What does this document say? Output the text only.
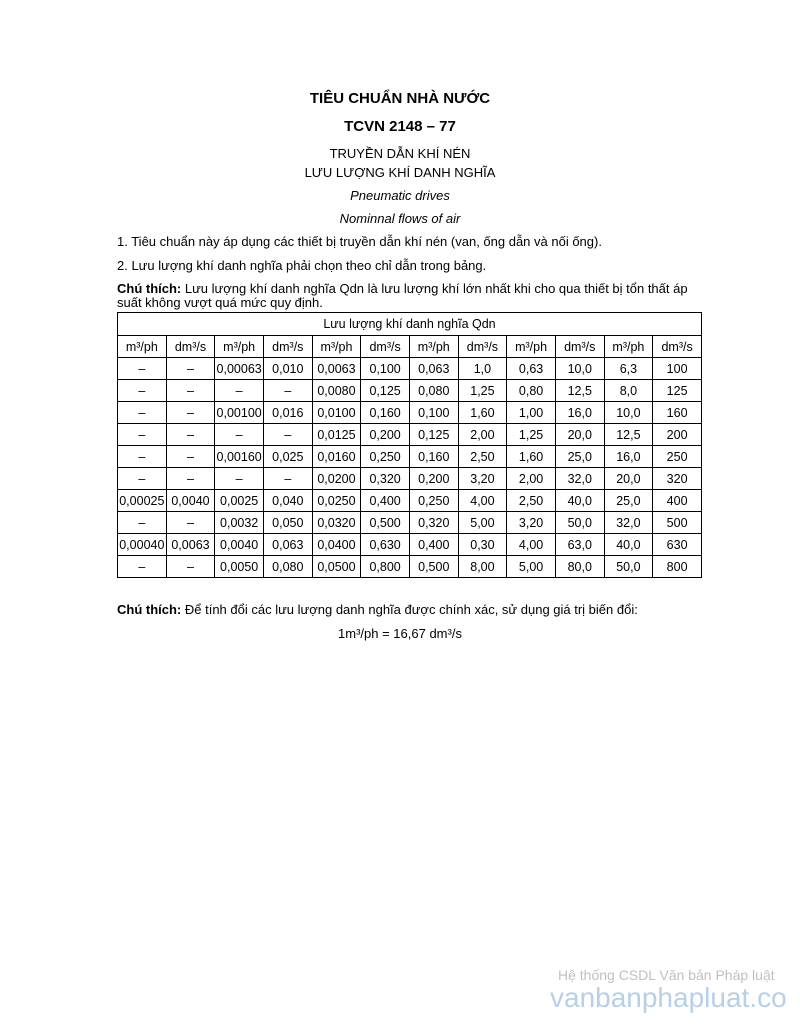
TIÊU CHUẨN NHÀ NƯỚC
TCVN 2148 – 77
TRUYỀN DẪN KHÍ NÉN
LƯU LƯỢNG KHÍ DANH NGHĨA
Pneumatic drives
Nominnal flows of air
1. Tiêu chuẩn này áp dụng các thiết bị truyền dẫn khí nén (van, ống dẫn và nối ống).
2. Lưu lượng khí danh nghĩa phải chọn theo chỉ dẫn trong bảng.
Chú thích: Lưu lượng khí danh nghĩa Qdn là lưu lượng khí lớn nhất khi cho qua thiết bị tổn thất áp suất không vượt quá mức quy định.
Lưu lượng khí danh nghĩa Qdn											
m³/ph	dm³/s	m³/ph	dm³/s	m³/ph	dm³/s	m³/ph	dm³/s	m³/ph	dm³/s	m³/ph	dm³/s
–	–	0,00063	0,010	0,0063	0,100	0,063	1,0	0,63	10,0	6,3	100
–	–	–	–	0,0080	0,125	0,080	1,25	0,80	12,5	8,0	125
–	–	0,00100	0,016	0,0100	0,160	0,100	1,60	1,00	16,0	10,0	160
–	–	–	–	0,0125	0,200	0,125	2,00	1,25	20,0	12,5	200
–	–	0,00160	0,025	0,0160	0,250	0,160	2,50	1,60	25,0	16,0	250
–	–	–	–	0,0200	0,320	0,200	3,20	2,00	32,0	20,0	320
0,00025	0,0040	0,0025	0,040	0,0250	0,400	0,250	4,00	2,50	40,0	25,0	400
–	–	0,0032	0,050	0,0320	0,500	0,320	5,00	3,20	50,0	32,0	500
0,00040	0,0063	0,0040	0,063	0,0400	0,630	0,400	0,30	4,00	63,0	40,0	630
–	–	0,0050	0,080	0,0500	0,800	0,500	8,00	5,00	80,0	50,0	800
Chú thích: Để tính đổi các lưu lượng danh nghĩa được chính xác, sử dụng giá trị biến đổi:
1m³/ph = 16,67 dm³/s
Hệ thống CSDL Văn bản Pháp luật
vanbanphapluat.co
